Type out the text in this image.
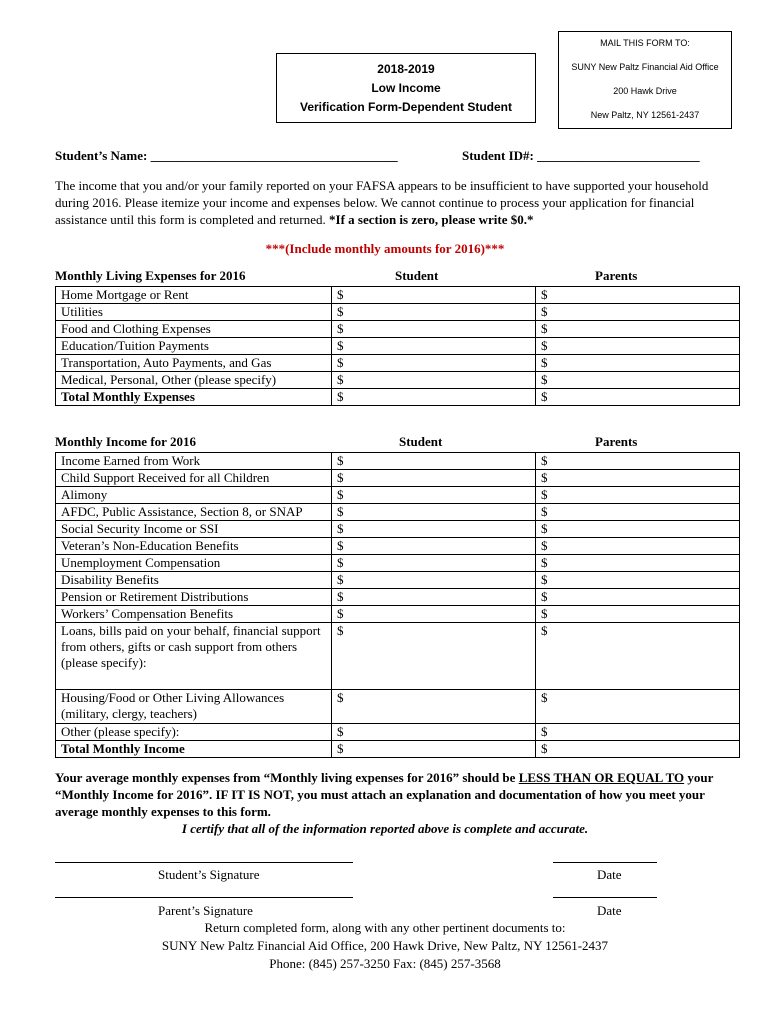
2018-2019
Low Income
Verification Form-Dependent Student
MAIL THIS FORM TO:
SUNY New Paltz Financial Aid Office
200 Hawk Drive
New Paltz, NY 12561-2437
Student’s Name: ______________________________________	Student ID#: _________________________
The income that you and/or your family reported on your FAFSA appears to be insufficient to have supported your household during 2016. Please itemize your income and expenses below. We cannot continue to process your application for financial assistance until this form is completed and returned. *If a section is zero, please write $0.*
***(Include monthly amounts for 2016)***
Monthly Living Expenses for 2016	Student	Parents
Home Mortgage or Rent	$	$
Utilities	$	$
Food and Clothing Expenses	$	$
Education/Tuition Payments	$	$
Transportation, Auto Payments, and Gas	$	$
Medical, Personal, Other (please specify)	$	$
Total Monthly Expenses	$	$
Monthly Income for 2016	Student	Parents
Income Earned from Work	$	$
Child Support Received for all Children	$	$
Alimony	$	$
AFDC, Public Assistance, Section 8, or SNAP	$	$
Social Security Income or SSI	$	$
Veteran’s Non-Education Benefits	$	$
Unemployment Compensation	$	$
Disability Benefits	$	$
Pension or Retirement Distributions	$	$
Workers’ Compensation Benefits	$	$
Loans, bills paid on your behalf, financial support from others, gifts or cash support from others (please specify):	$	$
Housing/Food or Other Living Allowances (military, clergy, teachers)	$	$
Other (please specify):	$	$
Total Monthly Income	$	$
Your average monthly expenses from “Monthly living expenses for 2016” should be LESS THAN OR EQUAL TO your “Monthly Income for 2016”. IF IT IS NOT, you must attach an explanation and documentation of how you meet your average monthly expenses to this form.
I certify that all of the information reported above is complete and accurate.
Student’s Signature	Date
Parent’s Signature	Date
Return completed form, along with any other pertinent documents to:
SUNY New Paltz Financial Aid Office, 200 Hawk Drive, New Paltz, NY 12561-2437
Phone: (845) 257-3250 Fax: (845) 257-3568
